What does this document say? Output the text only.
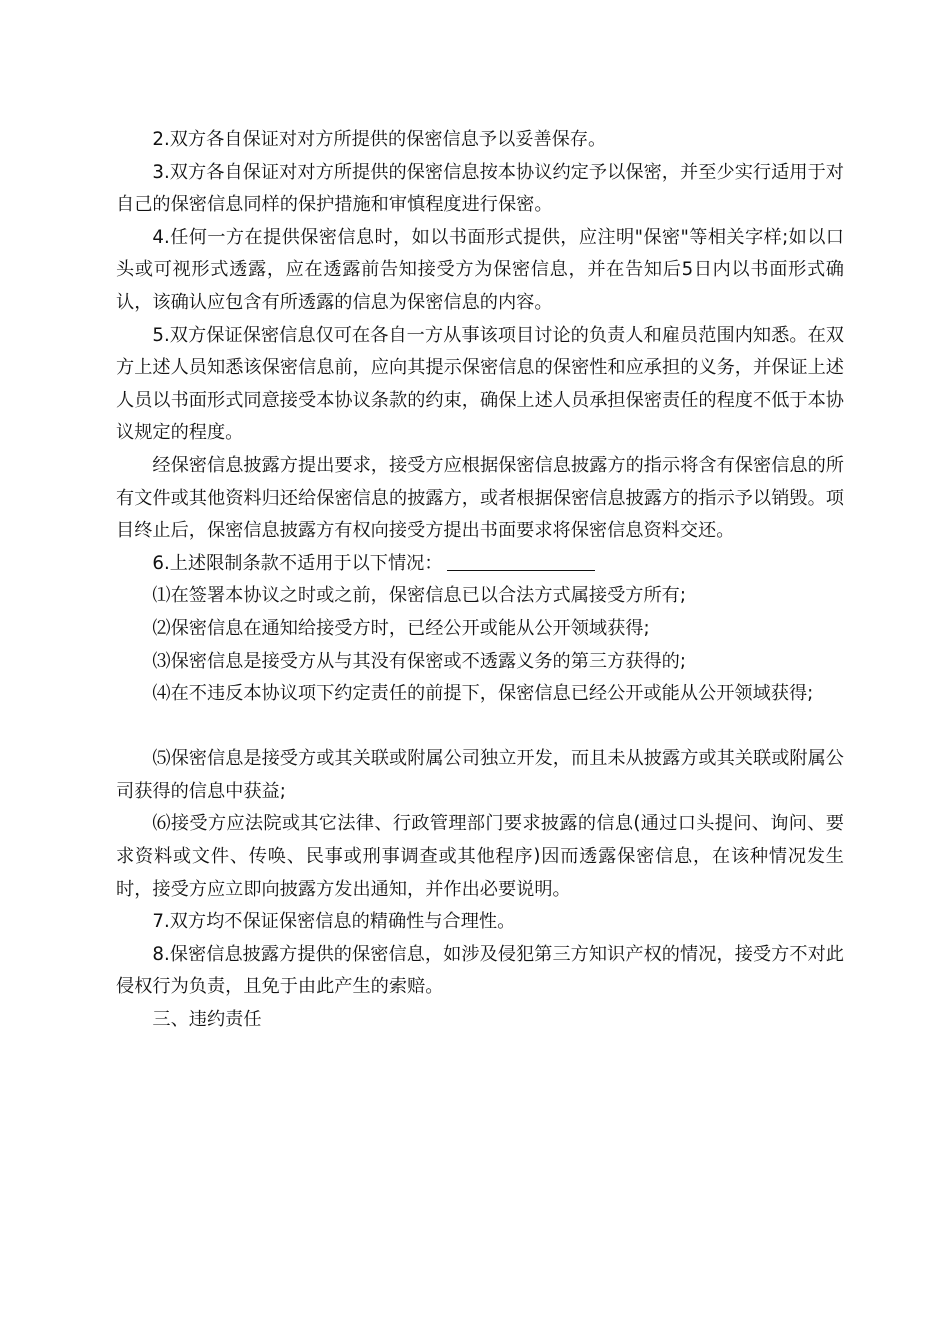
2.双方各自保证对对方所提供的保密信息予以妥善保存。

3.双方各自保证对对方所提供的保密信息按本协议约定予以保密，并至少实行适用于对自己的保密信息同样的保护措施和审慎程度进行保密。

4.任何一方在提供保密信息时，如以书面形式提供，应注明"保密"等相关字样;如以口头或可视形式透露，应在透露前告知接受方为保密信息，并在告知后5日内以书面形式确认，该确认应包含有所透露的信息为保密信息的内容。

5.双方保证保密信息仅可在各自一方从事该项目讨论的负责人和雇员范围内知悉。在双方上述人员知悉该保密信息前，应向其提示保密信息的保密性和应承担的义务，并保证上述人员以书面形式同意接受本协议条款的约束，确保上述人员承担保密责任的程度不低于本协议规定的程度。

经保密信息披露方提出要求，接受方应根据保密信息披露方的指示将含有保密信息的所有文件或其他资料归还给保密信息的披露方，或者根据保密信息披露方的指示予以销毁。项目终止后，保密信息披露方有权向接受方提出书面要求将保密信息资料交还。

6.上述限制条款不适用于以下情况：

⑴在签署本协议之时或之前，保密信息已以合法方式属接受方所有;

⑵保密信息在通知给接受方时，已经公开或能从公开领域获得;

⑶保密信息是接受方从与其没有保密或不透露义务的第三方获得的;

⑷在不违反本协议项下约定责任的前提下，保密信息已经公开或能从公开领域获得;

⑸保密信息是接受方或其关联或附属公司独立开发，而且未从披露方或其关联或附属公司获得的信息中获益;

⑹接受方应法院或其它法律、行政管理部门要求披露的信息(通过口头提问、询问、要求资料或文件、传唤、民事或刑事调查或其他程序)因而透露保密信息，在该种情况发生时，接受方应立即向披露方发出通知，并作出必要说明。

7.双方均不保证保密信息的精确性与合理性。

8.保密信息披露方提供的保密信息，如涉及侵犯第三方知识产权的情况，接受方不对此侵权行为负责，且免于由此产生的索赔。

三、违约责任
